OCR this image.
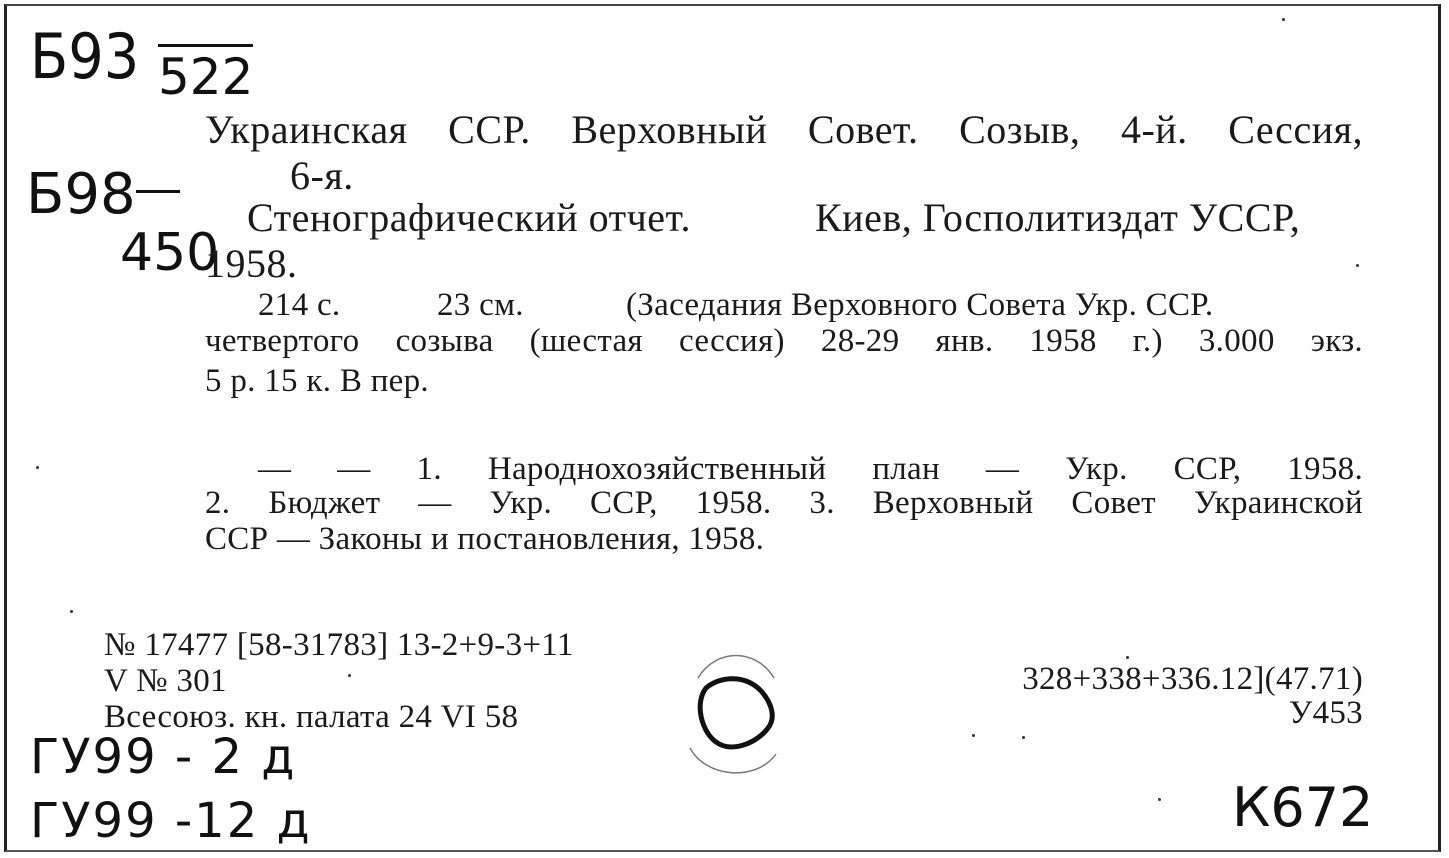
Б93 522
Б98
450
ГУ99 - 2 д
ГУ99 -12 д	К672
Украинская ССР. Верховный Совет. Созыв, 4-й. Сессия,
6-я.
Стенографический отчет.	Киев, Госполитиздат УССР,
1958.
214 с.	23 см.	(Заседания Верховного Совета Укр. ССР.
четвертого созыва (шестая сессия) 28-29 янв. 1958 г.) 3.000 экз.
5 р. 15 к. В пер.
— — 1. Народнохозяйственный план — Укр. ССР, 1958.
2. Бюджет — Укр. ССР, 1958. 3. Верховный Совет Украинской
ССР — Законы и постановления, 1958.
№ 17477 [58-31783] 13-2+9-3+11
V № 301
Всесоюз. кн. палата 24 VI 58
328+338+336.12](47.71)
У453
